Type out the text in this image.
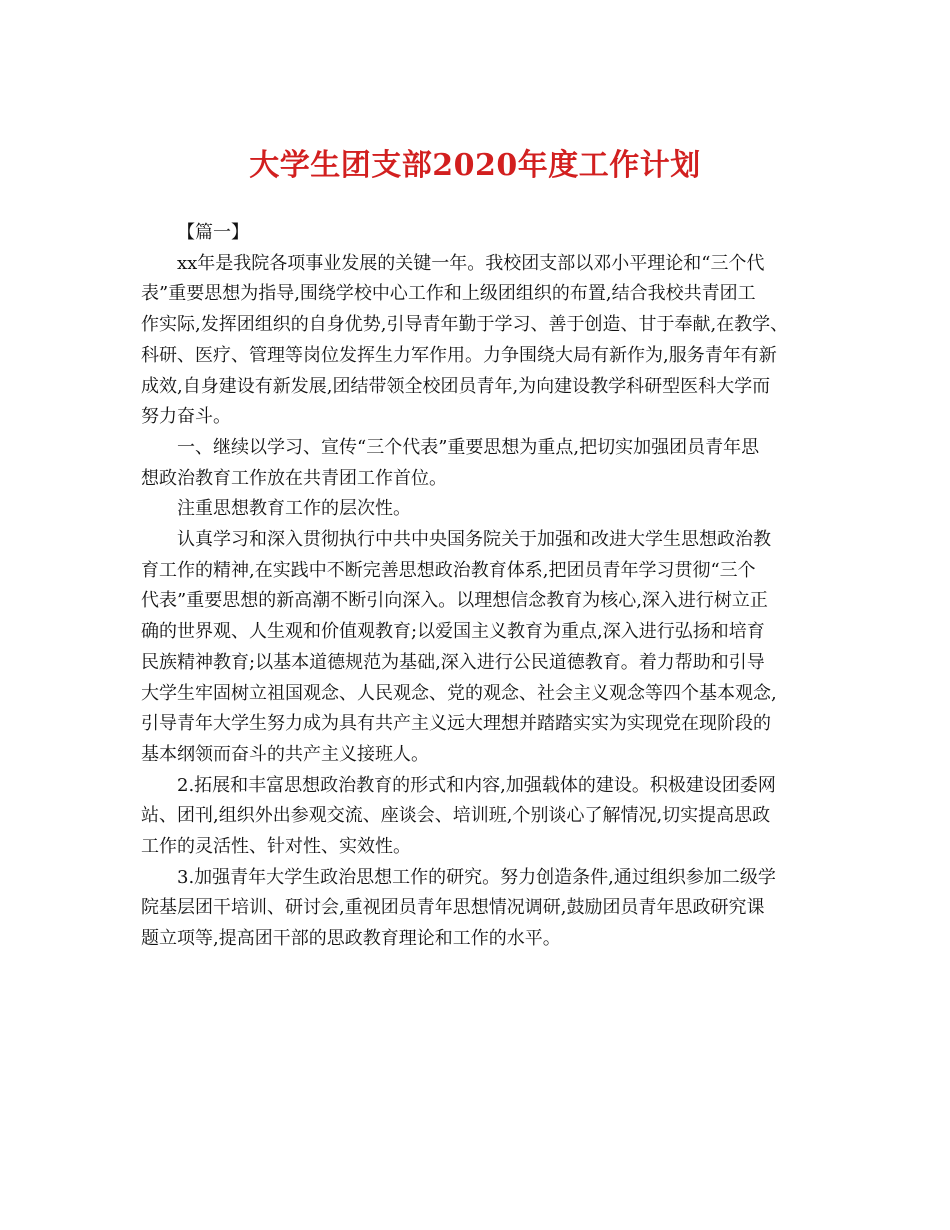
大学生团支部2020年度工作计划

【篇一】

xx年是我院各项事业发展的关键一年。我校团支部以邓小平理论和“三个代
表”重要思想为指导,围绕学校中心工作和上级团组织的布置,结合我校共青团工
作实际,发挥团组织的自身优势,引导青年勤于学习、善于创造、甘于奉献,在教学、
科研、医疗、管理等岗位发挥生力军作用。力争围绕大局有新作为,服务青年有新
成效,自身建设有新发展,团结带领全校团员青年,为向建设教学科研型医科大学而
努力奋斗。

一、继续以学习、宣传“三个代表”重要思想为重点,把切实加强团员青年思
想政治教育工作放在共青团工作首位。

注重思想教育工作的层次性。

认真学习和深入贯彻执行中共中央国务院关于加强和改进大学生思想政治教
育工作的精神,在实践中不断完善思想政治教育体系,把团员青年学习贯彻“三个
代表”重要思想的新高潮不断引向深入。以理想信念教育为核心,深入进行树立正
确的世界观、人生观和价值观教育;以爱国主义教育为重点,深入进行弘扬和培育
民族精神教育;以基本道德规范为基础,深入进行公民道德教育。着力帮助和引导
大学生牢固树立祖国观念、人民观念、党的观念、社会主义观念等四个基本观念,
引导青年大学生努力成为具有共产主义远大理想并踏踏实实为实现党在现阶段的
基本纲领而奋斗的共产主义接班人。

2.拓展和丰富思想政治教育的形式和内容,加强载体的建设。积极建设团委网
站、团刊,组织外出参观交流、座谈会、培训班,个别谈心了解情况,切实提高思政
工作的灵活性、针对性、实效性。

3.加强青年大学生政治思想工作的研究。努力创造条件,通过组织参加二级学
院基层团干培训、研讨会,重视团员青年思想情况调研,鼓励团员青年思政研究课
题立项等,提高团干部的思政教育理论和工作的水平。
